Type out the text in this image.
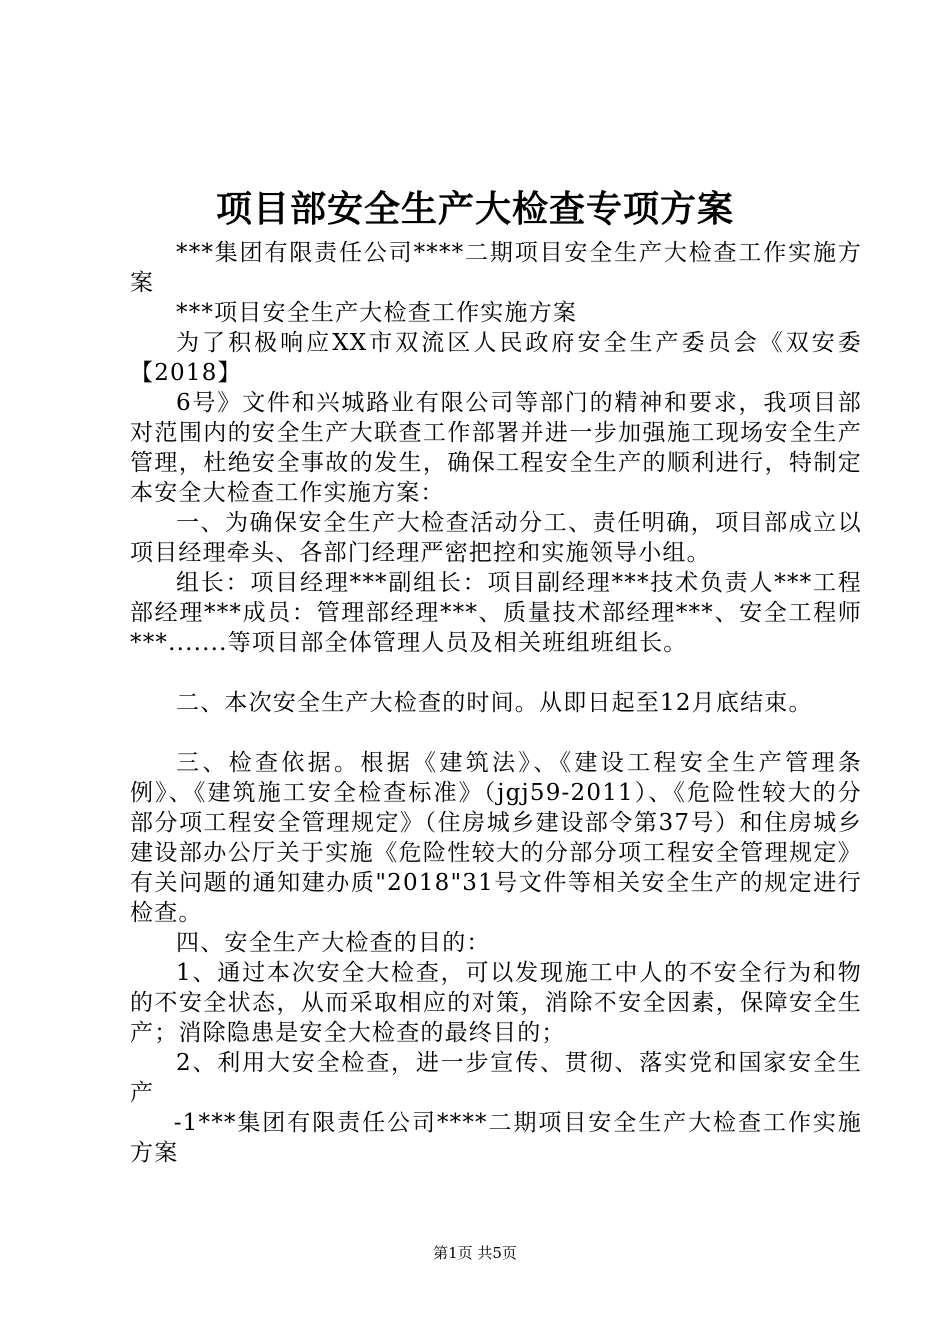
项目部安全生产大检查专项方案

***集团有限责任公司****二期项目安全生产大检查工作实施方案

***项目安全生产大检查工作实施方案

为了积极响应XX市双流区人民政府安全生产委员会《双安委【2018】

6号》文件和兴城路业有限公司等部门的精神和要求，我项目部对范围内的安全生产大联查工作部署并进一步加强施工现场安全生产管理，杜绝安全事故的发生，确保工程安全生产的顺利进行，特制定本安全大检查工作实施方案：

一、为确保安全生产大检查活动分工、责任明确，项目部成立以项目经理牵头、各部门经理严密把控和实施领导小组。

组长：项目经理***副组长：项目副经理***技术负责人***工程部经理***成员：管理部经理***、质量技术部经理***、安全工程师***.......等项目部全体管理人员及相关班组班组长。

二、本次安全生产大检查的时间。从即日起至12月底结束。

三、检查依据。根据《建筑法》、《建设工程安全生产管理条例》、《建筑施工安全检查标准》（jgj59-2011）、《危险性较大的分部分项工程安全管理规定》（住房城乡建设部令第37号）和住房城乡建设部办公厅关于实施《危险性较大的分部分项工程安全管理规定》有关问题的通知建办质"2018"31号文件等相关安全生产的规定进行检查。

四、安全生产大检查的目的：

1、通过本次安全大检查，可以发现施工中人的不安全行为和物的不安全状态，从而采取相应的对策，消除不安全因素，保障安全生产；消除隐患是安全大检查的最终目的；

2、利用大安全检查，进一步宣传、贯彻、落实党和国家安全生产

-1***集团有限责任公司****二期项目安全生产大检查工作实施方案

第1页 共5页
